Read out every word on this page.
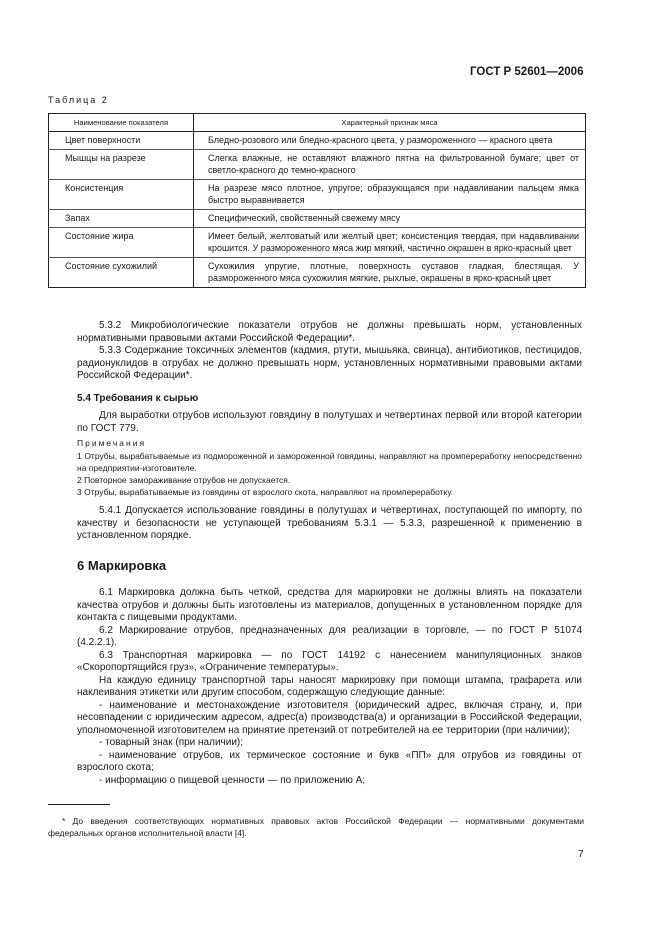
ГОСТ Р 52601—2006
Таблица 2
Наименование показателя	Характерный признак мяса
Цвет поверхности	Бледно-розового или бледно-красного цвета, у размороженного — красного цвета
Мышцы на разрезе	Слегка влажные, не оставляют влажного пятна на фильтрованной бумаге; цвет от светло-красного до темно-красного
Консистенция	На разрезе мясо плотное, упругое; образующаяся при надавливании пальцем ямка быстро выравнивается
Запах	Специфический, свойственный свежему мясу
Состояние жира	Имеет белый, желтоватый или желтый цвет; консистенция твердая, при надавливании крошится. У размороженного мяса жир мягкий, частично окрашен в ярко-красный цвет
Состояние сухожилий	Сухожилия упругие, плотные, поверхность суставов гладкая, блестящая. У размороженного мяса сухожилия мягкие, рыхлые, окрашены в ярко-красный цвет

5.3.2 Микробиологические показатели отрубов не должны превышать норм, установленных нормативными правовыми актами Российской Федерации*.

5.3.3 Содержание токсичных элементов (кадмия, ртути, мышьяка, свинца), антибиотиков, пестицидов, радионуклидов в отрубах не должно превышать норм, установленных нормативными правовыми актами Российской Федерации*.

5.4 Требования к сырью

Для выработки отрубов используют говядину в полутушах и четвертинах первой или второй категории по ГОСТ 779.

Примечания

1 Отрубы, вырабатываемые из подмороженной и замороженной говядины, направляют на промпереработку непосредственно на предприятии-изготовителе.

2 Повторное замораживание отрубов не допускается.

3 Отрубы, вырабатываемые из говядины от взрослого скота, направляют на промпереработку.

5.4.1 Допускается использование говядины в полутушах и четвертинах, поступающей по импорту, по качеству и безопасности не уступающей требованиям 5.3.1 — 5.3.3, разрешенной к применению в установленном порядке.

6 Маркировка

6.1 Маркировка должна быть четкой, средства для маркировки не должны влиять на показатели качества отрубов и должны быть изготовлены из материалов, допущенных в установленном порядке для контакта с пищевыми продуктами.

6.2 Маркирование отрубов, предназначенных для реализации в торговле, — по ГОСТ Р 51074 (4.2.2.1).

6.3 Транспортная маркировка — по ГОСТ 14192 с нанесением манипуляционных знаков «Скоропортящийся груз», «Ограничение температуры».

На каждую единицу транспортной тары наносят маркировку при помощи штампа, трафарета или наклеивания этикетки или другим способом, содержащую следующие данные:

- наименование и местонахождение изготовителя (юридический адрес, включая страну, и, при несовпадении с юридическим адресом, адрес(а) производства(а) и организации в Российской Федерации, уполномоченной изготовителем на принятие претензий от потребителей на ее территории (при наличии);

- товарный знак (при наличии);

- наименование отрубов, их термическое состояние и букв «ПП» для отрубов из говядины от взрослого скота;

- информацию о пищевой ценности — по приложению А;

* До введения соответствующих нормативных правовых актов Российской Федерации — нормативными документами федеральных органов исполнительной власти [4].
7
